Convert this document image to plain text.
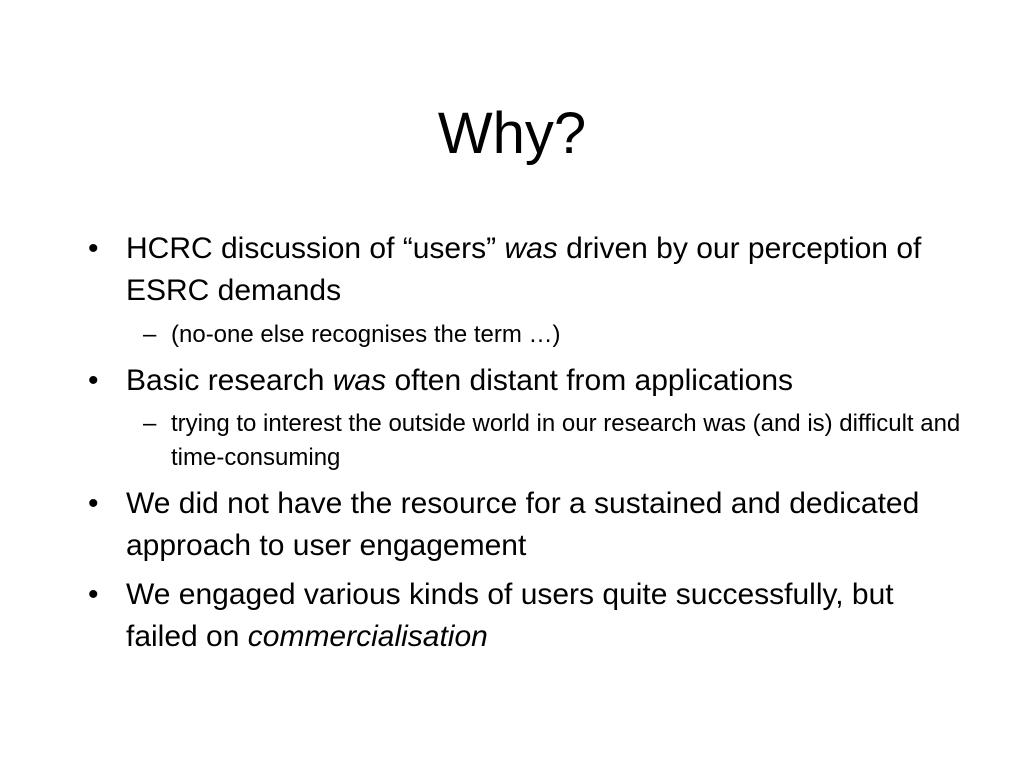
Why?
• HCRC discussion of “users” was driven by our perception of ESRC demands

– (no-one else recognises the term …)

• Basic research was often distant from applications

– trying to interest the outside world in our research was (and is) difficult and time-consuming

• We did not have the resource for a sustained and dedicated approach to user engagement

• We engaged various kinds of users quite successfully, but failed on commercialisation
